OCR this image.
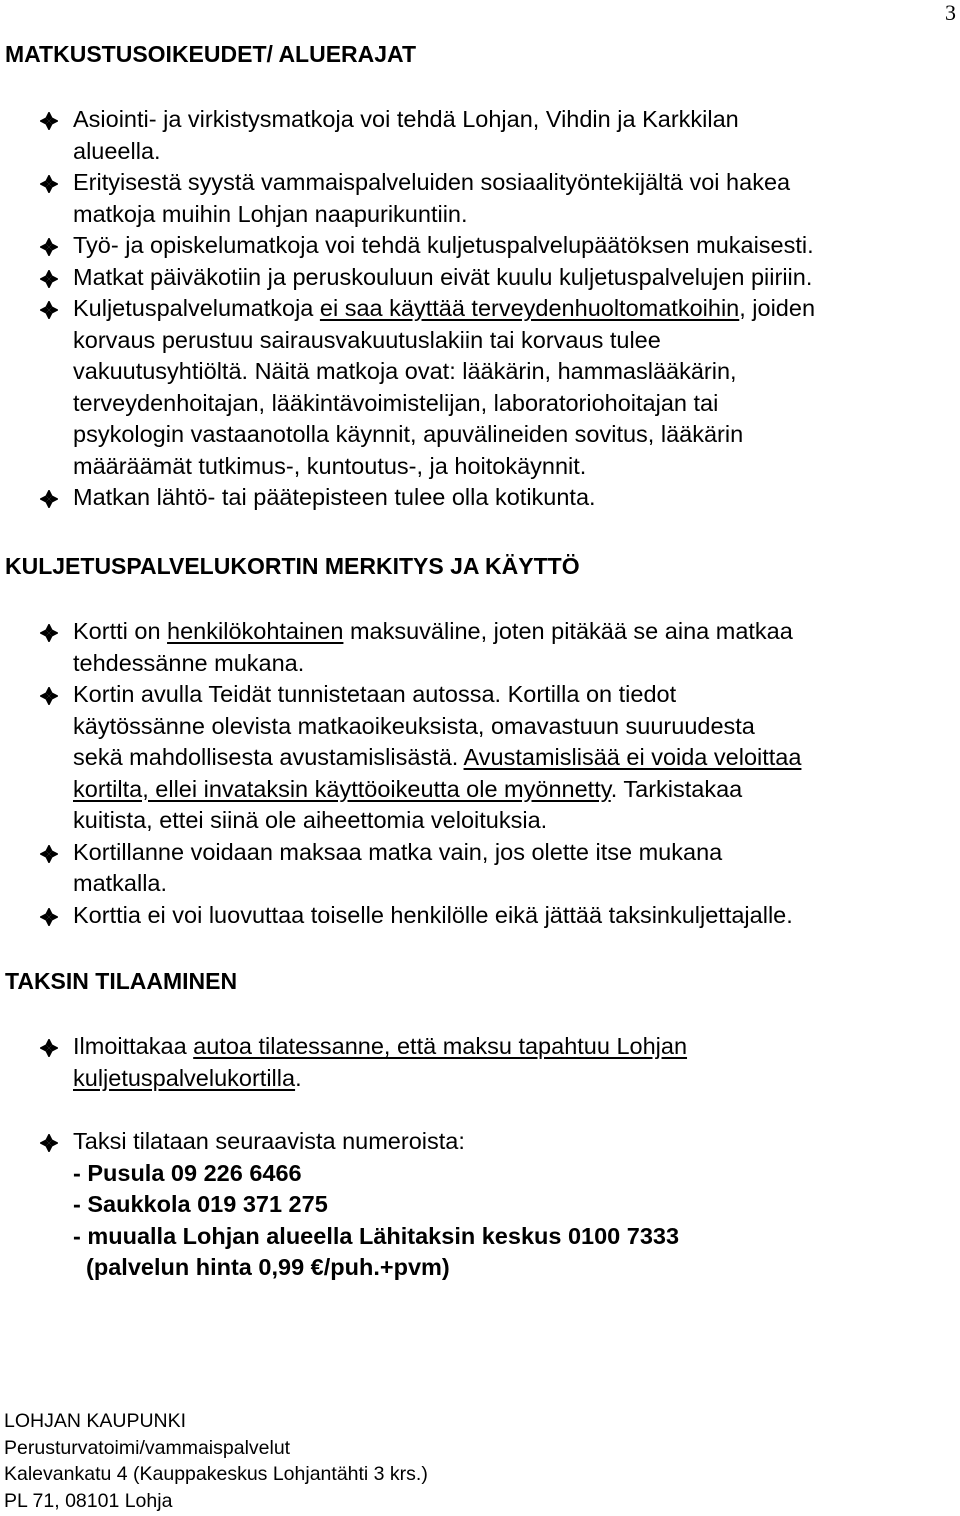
3
MATKUSTUSOIKEUDET/ ALUERAJAT
Asiointi- ja virkistysmatkoja voi tehdä Lohjan, Vihdin ja Karkkilan
alueella.
Erityisestä syystä vammaispalveluiden sosiaalityöntekijältä voi hakea
matkoja muihin Lohjan naapurikuntiin.
Työ- ja opiskelumatkoja voi tehdä kuljetuspalvelupäätöksen mukaisesti.
Matkat päiväkotiin ja peruskouluun eivät kuulu kuljetuspalvelujen piiriin.
Kuljetuspalvelumatkoja ei saa käyttää terveydenhuoltomatkoihin, joiden
korvaus perustuu sairausvakuutuslakiin tai korvaus tulee
vakuutusyhtiöltä. Näitä matkoja ovat: lääkärin, hammaslääkärin,
terveydenhoitajan, lääkintävoimistelijan, laboratoriohoitajan tai
psykologin vastaanotolla käynnit, apuvälineiden sovitus, lääkärin
määräämät tutkimus-, kuntoutus-, ja hoitokäynnit.
Matkan lähtö- tai päätepisteen tulee olla kotikunta.
KULJETUSPALVELUKORTIN MERKITYS JA KÄYTTÖ
Kortti on henkilökohtainen maksuväline, joten pitäkää se aina matkaa
tehdessänne mukana.
Kortin avulla Teidät tunnistetaan autossa. Kortilla on tiedot
käytössänne olevista matkaoikeuksista, omavastuun suuruudesta
sekä mahdollisesta avustamislisästä. Avustamislisää ei voida veloittaa
kortilta, ellei invataksin käyttöoikeutta ole myönnetty. Tarkistakaa
kuitista, ettei siinä ole aiheettomia veloituksia.
Kortillanne voidaan maksaa matka vain, jos olette itse mukana
matkalla.
Korttia ei voi luovuttaa toiselle henkilölle eikä jättää taksinkuljettajalle.
TAKSIN TILAAMINEN
Ilmoittakaa autoa tilatessanne, että maksu tapahtuu Lohjan
kuljetuspalvelukortilla.
Taksi tilataan seuraavista numeroista:
- Pusula 09 226 6466
- Saukkola 019 371 275
- muualla Lohjan alueella Lähitaksin keskus 0100 7333
(palvelun hinta 0,99 €/puh.+pvm)
LOHJAN KAUPUNKI
Perusturvatoimi/vammaispalvelut
Kalevankatu 4 (Kauppakeskus Lohjantähti 3 krs.)
PL 71, 08101 Lohja
